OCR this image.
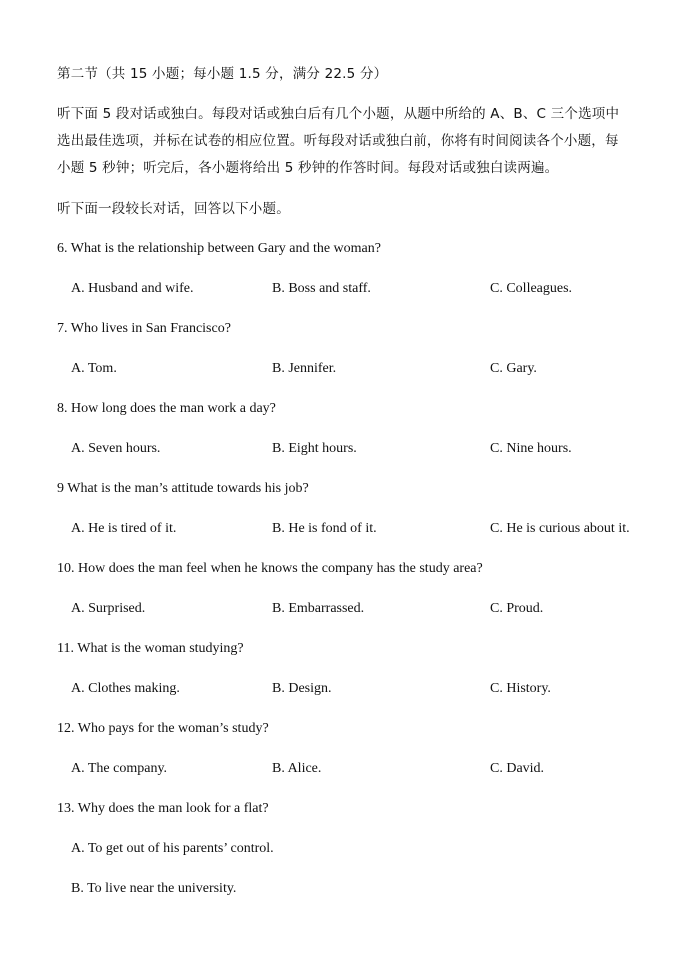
第二节（共 15 小题；每小题 1.5 分，满分 22.5 分）
听下面 5 段对话或独白。每段对话或独白后有几个小题，从题中所给的 A、B、C 三个选项中
选出最佳选项，并标在试卷的相应位置。听每段对话或独白前，你将有时间阅读各个小题，每
小题 5 秒钟；听完后，各小题将给出 5 秒钟的作答时间。每段对话或独白读两遍。
听下面一段较长对话，回答以下小题。
6. What is the relationship between Gary and the woman?
A. Husband and wife.	B. Boss and staff.	C. Colleagues.
7. Who lives in San Francisco?
A. Tom.	B. Jennifer.	C. Gary.
8. How long does the man work a day?
A. Seven hours.	B. Eight hours.	C. Nine hours.
9 What is the man’s attitude towards his job?
A. He is tired of it.	B. He is fond of it.	C. He is curious about it.
10. How does the man feel when he knows the company has the study area?
A. Surprised.	B. Embarrassed.	C. Proud.
11. What is the woman studying?
A. Clothes making.	B. Design.	C. History.
12. Who pays for the woman’s study?
A. The company.	B. Alice.	C. David.
13. Why does the man look for a flat?
A. To get out of his parents’ control.
B. To live near the university.
